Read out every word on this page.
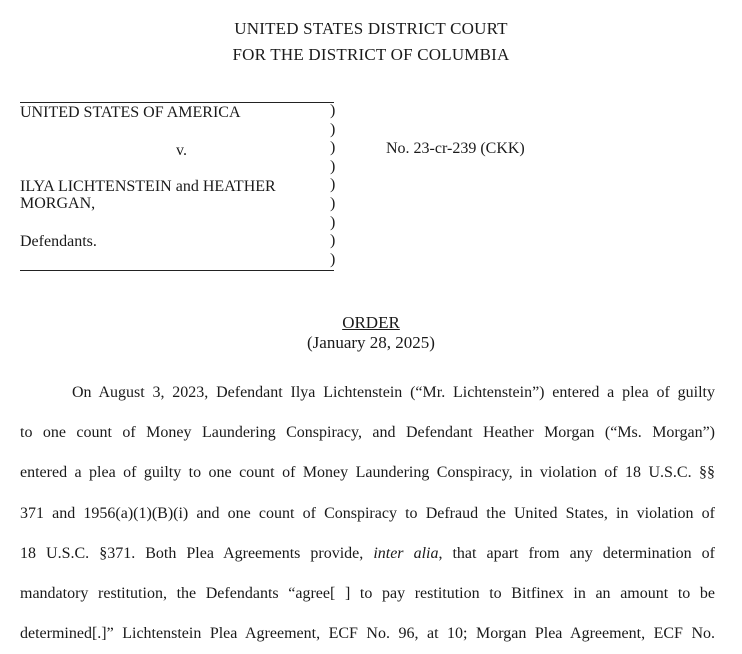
UNITED STATES DISTRICT COURT
FOR THE DISTRICT OF COLUMBIA
UNITED STATES OF AMERICA
v.
ILYA LICHTENSTEIN and HEATHER
MORGAN,
Defendants.
)
)
)
)
)
)
)
)
)
No. 23-cr-239 (CKK)
ORDER
(January 28, 2025)
On August 3, 2023, Defendant Ilya Lichtenstein (“Mr. Lichtenstein”) entered a plea of guilty
to one count of Money Laundering Conspiracy, and Defendant Heather Morgan (“Ms. Morgan”)
entered a plea of guilty to one count of Money Laundering Conspiracy, in violation of 18 U.S.C. §§
371 and 1956(a)(1)(B)(i) and one count of Conspiracy to Defraud the United States, in violation of
18 U.S.C. §371. Both Plea Agreements provide, inter alia, that apart from any determination of
mandatory restitution, the Defendants “agree[ ] to pay restitution to Bitfinex in an amount to be
determined[.]” Lichtenstein Plea Agreement, ECF No. 96, at 10; Morgan Plea Agreement, ECF No.
